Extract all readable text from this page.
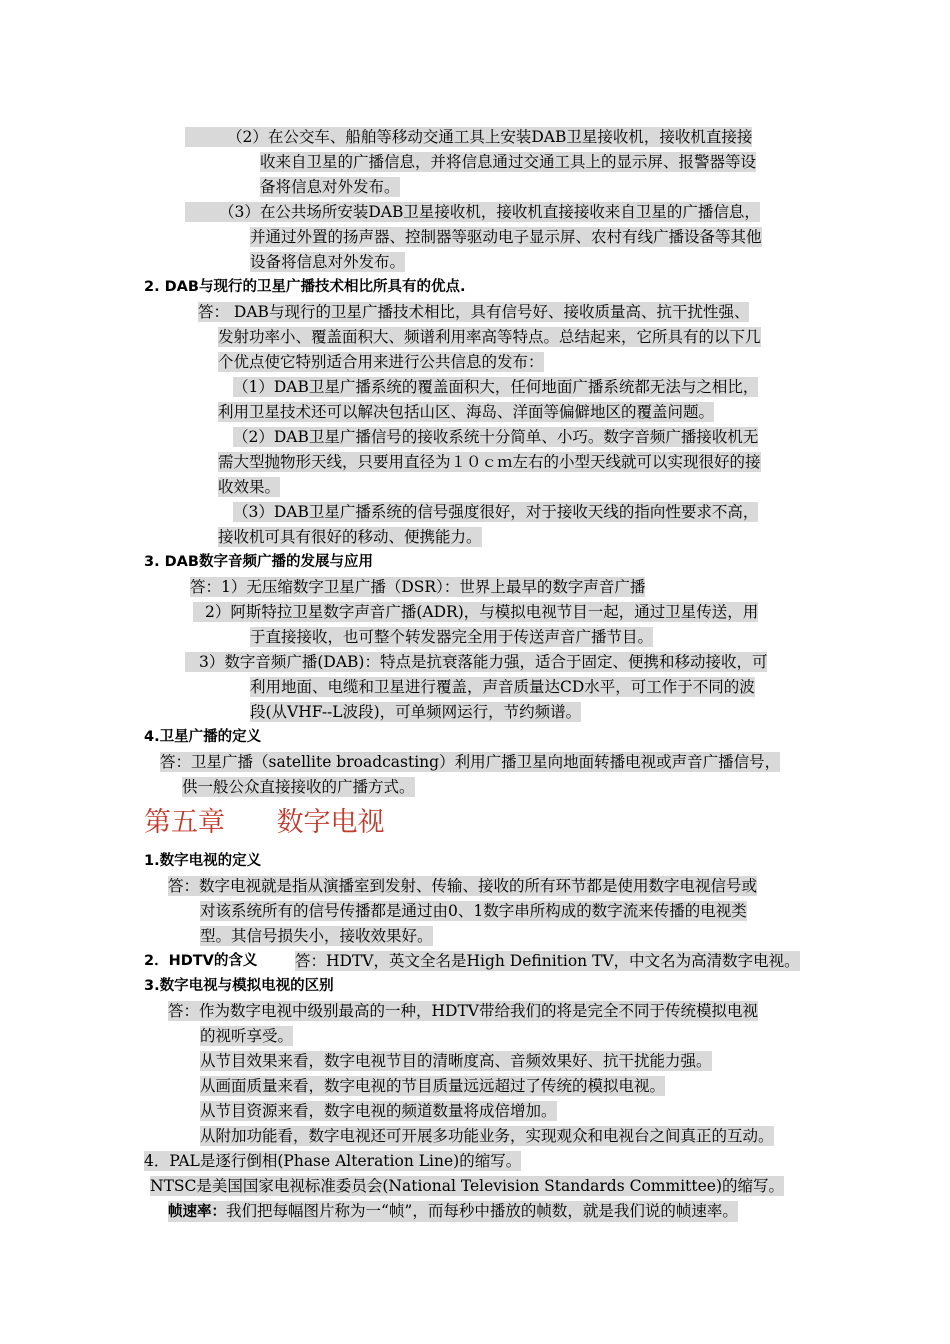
（2）在公交车、船舶等移动交通工具上安装DAB卫星接收机，接收机直接接
收来自卫星的广播信息，并将信息通过交通工具上的显示屏、报警器等设
备将信息对外发布。
（3）在公共场所安装DAB卫星接收机，接收机直接接收来自卫星的广播信息，
并通过外置的扬声器、控制器等驱动电子显示屏、农村有线广播设备等其他
设备将信息对外发布。
2. DAB与现行的卫星广播技术相比所具有的优点.
答： DAB与现行的卫星广播技术相比，具有信号好、接收质量高、抗干扰性强、
发射功率小、覆盖面积大、频谱利用率高等特点。总结起来，它所具有的以下几
个优点使它特别适合用来进行公共信息的发布：
（1）DAB卫星广播系统的覆盖面积大，任何地面广播系统都无法与之相比，
利用卫星技术还可以解决包括山区、海岛、洋面等偏僻地区的覆盖问题。
（2）DAB卫星广播信号的接收系统十分简单、小巧。数字音频广播接收机无
需大型抛物形天线，只要用直径为１０ｃｍ左右的小型天线就可以实现很好的接
收效果。
（3）DAB卫星广播系统的信号强度很好，对于接收天线的指向性要求不高，
接收机可具有很好的移动、便携能力。
3. DAB数字音频广播的发展与应用
答：1）无压缩数字卫星广播（DSR）：世界上最早的数字声音广播
2）阿斯特拉卫星数字声音广播(ADR)，与模拟电视节目一起，通过卫星传送，用
于直接接收，也可整个转发器完全用于传送声音广播节目。
3）数字音频广播(DAB)：特点是抗衰落能力强，适合于固定、便携和移动接收，可
利用地面、电缆和卫星进行覆盖，声音质量达CD水平，可工作于不同的波
段(从VHF--L波段)，可单频网运行，节约频谱。
4.卫星广播的定义
答：卫星广播（satellite broadcasting）利用广播卫星向地面转播电视或声音广播信号，
供一般公众直接接收的广播方式。
第五章      数字电视
1.数字电视的定义
答：数字电视就是指从演播室到发射、传输、接收的所有环节都是使用数字电视信号或
对该系统所有的信号传播都是通过由0、1数字串所构成的数字流来传播的电视类
型。其信号损失小，接收效果好。
2．HDTV的含义 答：HDTV，英文全名是High Definition TV，中文名为高清数字电视。
3.数字电视与模拟电视的区别
答：作为数字电视中级别最高的一种，HDTV带给我们的将是完全不同于传统模拟电视
的视听享受。
从节目效果来看，数字电视节目的清晰度高、音频效果好、抗干扰能力强。
从画面质量来看，数字电视的节目质量远远超过了传统的模拟电视。
从节目资源来看，数字电视的频道数量将成倍增加。
从附加功能看，数字电视还可开展多功能业务，实现观众和电视台之间真正的互动。
4．PAL是逐行倒相(Phase Alteration Line)的缩写。
NTSC是美国国家电视标准委员会(National Television Standards Committee)的缩写。
帧速率：我们把每幅图片称为一“帧”，而每秒中播放的帧数，就是我们说的帧速率。
